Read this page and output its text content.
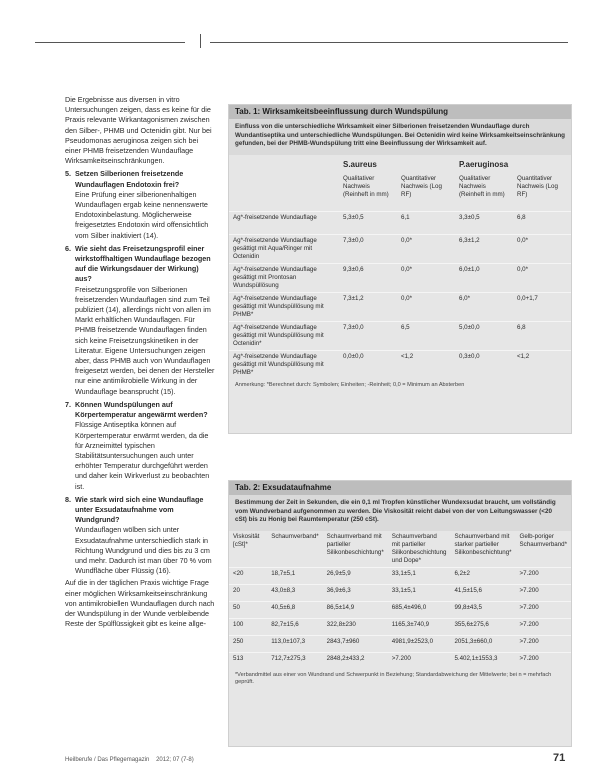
Die Ergebnisse aus diversen in vitro Untersuchungen zeigen, dass es keine für die Praxis relevante Wirkantagonismen zwischen den Silber-, PHMB und Octenidin gibt. Nur bei Pseudomonas aeruginosa zeigen sich bei einer PHMB freisetzenden Wundauflage Wirksamkeitseinschränkungen.

5. Setzen Silberionen freisetzende Wundauflagen Endotoxin frei?

Eine Prüfung einer silberionenhaltigen Wundauflagen ergab keine nennenswerte Endotoxinbelastung. Möglicherweise freigesetztes Endotoxin wird offensichtlich vom Silber inaktiviert (14).

6. Wie sieht das Freisetzungsprofil einer wirkstoffhaltigen Wundauflage bezogen auf die Wirkungsdauer der Wirkung) aus?

Freisetzungsprofile von Silberionen freisetzenden Wundauflagen sind zum Teil publiziert (14), allerdings nicht von allen im Markt erhältlichen Wundauflagen. Für PHMB freisetzende Wundauflagen finden sich keine Freisetzungskinetiken in der Literatur. Eigene Untersuchungen zeigen aber, dass PHMB auch von Wundauflagen freigesetzt werden, bei denen der Hersteller nur eine antimikrobielle Wirkung in der Wundauflage beansprucht (15).

7. Können Wundspülungen auf Körpertemperatur angewärmt werden?

Flüssige Antiseptika können auf Körpertemperatur erwärmt werden, da die für Arzneimittel typischen Stabilitätsuntersuchungen auch unter erhöhter Temperatur durchgeführt werden und daher kein Wirkverlust zu beobachten ist.

8. Wie stark wird sich eine Wundauflage unter Exsudataufnahme vom Wundgrund?

Wundauflagen wölben sich unter Exsudataufnahme unterschiedlich stark in Richtung Wundgrund und dies bis zu 3 cm und mehr. Dadurch ist man über 70 % vom Wundfläche über Flüssig (16).

Auf die in der täglichen Praxis wichtige Frage einer möglichen Wirksamkeitseinschränkung von antimikrobiellen Wundauflagen durch nach der Wundspülung in der Wunde verbleibende Reste der Spülflüssigkeit gibt es keine allge-

Tab. 1: Wirksamkeitsbeeinflussung durch Wundspülung
Einfluss von die unterschiedliche Wirksamkeit einer Silberionen freisetzenden Wundauflage durch Wundantiseptika und unterschiedliche Wundspülungen. Bei Octenidin wird keine Wirksamkeitseinschränkung gefunden, bei der PHMB-Wundspülung tritt eine Beeinflussung der Wirksamkeit auf.
	S.aureus		P.aeruginosa	
	Qualitativer Nachweis (Reinheft in mm)	Quantitativer Nachweis (Log RF)	Qualitativer Nachweis (Reinheft in mm)	Quantitativer Nachweis (Log RF)
Ag*-freisetzende Wundauflage	5,3±0,5	6,1	3,3±0,5	6,8
Ag*-freisetzende Wundauflage gesättigt mit Aqua/Ringer mit Octenidin	7,3±0,0	0,0*	6,3±1,2	0,0*
Ag*-freisetzende Wundauflage gesättigt mit Prontosan Wundspüllösung	9,3±0,6	0,0*	6,0±1,0	0,0*
Ag*-freisetzende Wundauflage gesättigt mit Wundspüllösung mit PHMB*	7,3±1,2	0,0*	6,0*	0,0+1,7
Ag*-freisetzende Wundauflage gesättigt mit Wundspüllösung mit Octenidin*	7,3±0,0	6,5	5,0±0,0	6,8
Ag*-freisetzende Wundauflage gesättigt mit Wundspüllösung mit PHMB*	0,0±0,0	<1,2	0,3±0,0	<1,2
Anmerkung: *Berechnet durch: Symbolen; Einheiten; -Reinheit; 0,0 = Minimum an Absterben
Tab. 2: Exsudataufnahme
Bestimmung der Zeit in Sekunden, die ein 0,1 ml Tropfen künstlicher Wundexsudat braucht, um vollständig vom Wundverband aufgenommen zu werden. Die Viskosität reicht dabei von der von Leitungswasser (<20 cSt) bis zu Honig bei Raumtemperatur (250 cSt).
Viskosität [cSt]*	Schaumverband*	Schaumverband mit partieller Silikonbeschichtung*	Schaumverband mit partieller Silikonbeschichtung und Dope*	Schaumverband mit starker partieller Silikonbeschichtung*	Gelb-poriger Schaumverband*
<20	18,7±5,1	26,9±5,9	33,1±5,1	6,2±2	>7.200
20	43,0±8,3	36,9±6,3	33,1±5,1	41,5±15,6	>7.200
50	40,5±6,8	86,5±14,9	685,4±496,0	99,8±43,5	>7.200
100	82,7±15,6	322,8±230	1165,3±740,9	355,6±275,6	>7.200
250	113,0±107,3	2843,7±960	4981,9±2523,0	2051,3±660,0	>7.200
513	712,7±275,3	2848,2±433,2	>7.200	5.402,1±1553,3	>7.200
*Verbandmittel aus einer von Wundrand und Schwerpunkt in Beziehung; Standardabweichung der Mittelwerte; bei n = mehrfach geprüft.
Heilberufe / Das Pflegemagazin 2012; 07 (7-8)	71
